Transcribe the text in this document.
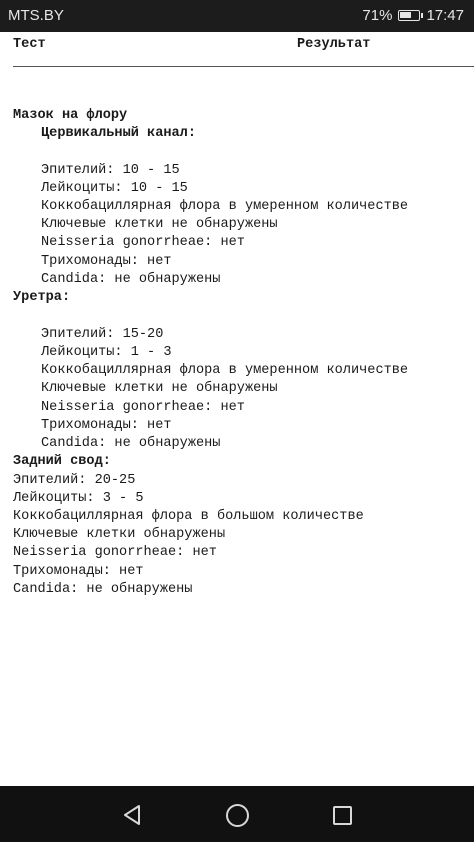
MTS.BY	71% 17:47
Тест	Результат
Мазок на флору
Цервикальный канал:
Эпителий: 10 - 15
Лейкоциты: 10 - 15
Коккобациллярная флора в умеренном количестве
Ключевые клетки не обнаружены
Neisseria gonorrheae: нет
Трихомонады: нет
Candida: не обнаружены
Уретра:
Эпителий: 15-20
Лейкоциты: 1 - 3
Коккобациллярная флора в умеренном количестве
Ключевые клетки не обнаружены
Neisseria gonorrheae: нет
Трихомонады: нет
Candida: не обнаружены
Задний свод:
Эпителий: 20-25
Лейкоциты: 3 - 5
Коккобациллярная флора в большом количестве
Ключевые клетки обнаружены
Neisseria gonorrheae: нет
Трихомонады: нет
Candida: не обнаружены
